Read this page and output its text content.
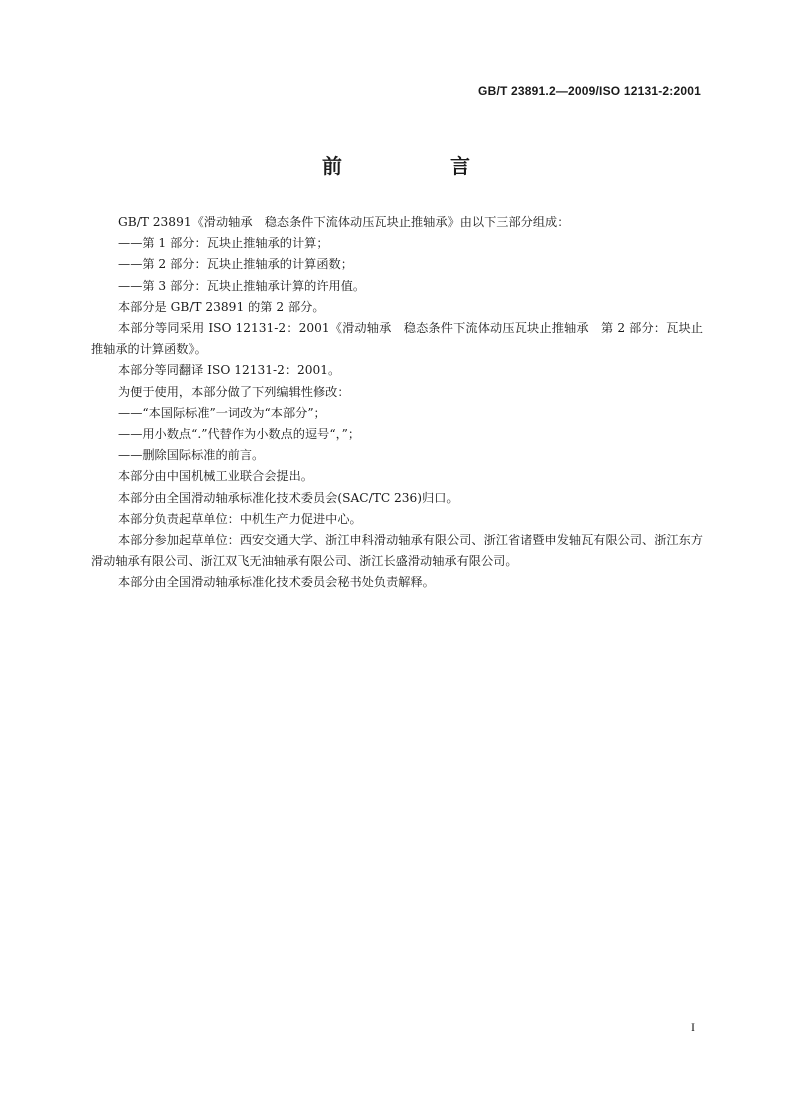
GB/T 23891.2—2009/ISO 12131-2:2001
前　言

GB/T 23891《滑动轴承　稳态条件下流体动压瓦块止推轴承》由以下三部分组成：

——第 1 部分：瓦块止推轴承的计算；

——第 2 部分：瓦块止推轴承的计算函数；

——第 3 部分：瓦块止推轴承计算的许用值。

本部分是 GB/T 23891 的第 2 部分。

本部分等同采用 ISO 12131-2：2001《滑动轴承　稳态条件下流体动压瓦块止推轴承　第 2 部分：瓦块止推轴承的计算函数》。

本部分等同翻译 ISO 12131-2：2001。

为便于使用，本部分做了下列编辑性修改：

——“本国际标准”一词改为“本部分”；

——用小数点“.”代替作为小数点的逗号“，”；

——删除国际标准的前言。

本部分由中国机械工业联合会提出。

本部分由全国滑动轴承标准化技术委员会(SAC/TC 236)归口。

本部分负责起草单位：中机生产力促进中心。

本部分参加起草单位：西安交通大学、浙江申科滑动轴承有限公司、浙江省诸暨申发轴瓦有限公司、浙江东方滑动轴承有限公司、浙江双飞无油轴承有限公司、浙江长盛滑动轴承有限公司。

本部分由全国滑动轴承标准化技术委员会秘书处负责解释。

I
